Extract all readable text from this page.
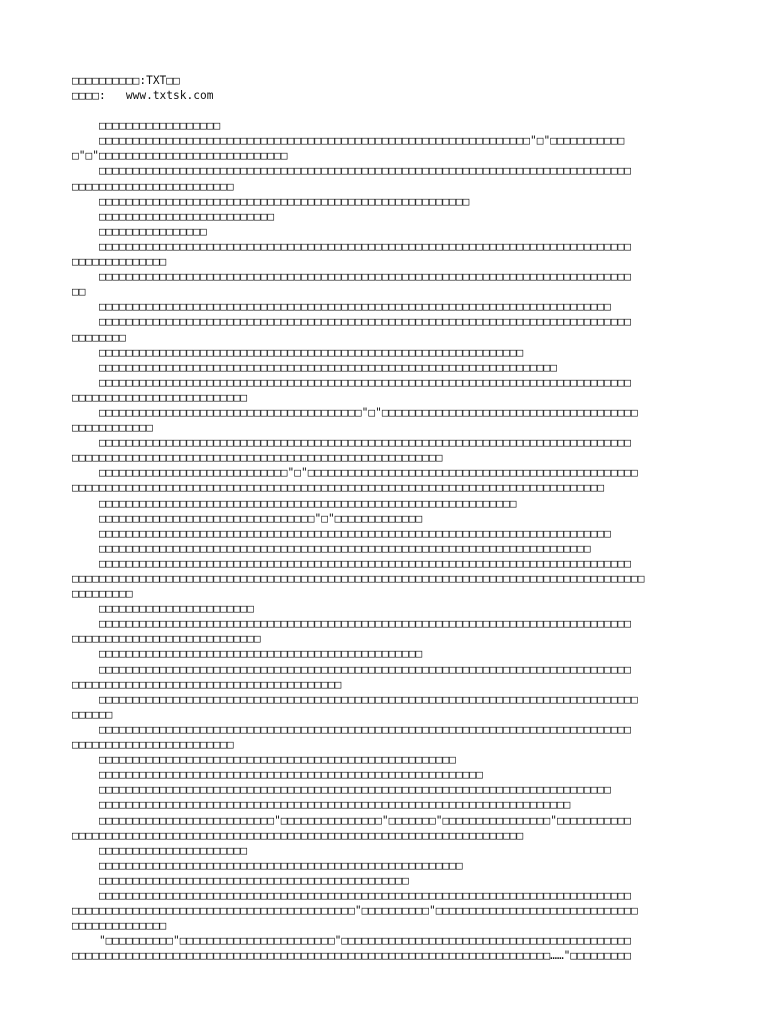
□□□□□□□□□□:TXT□□
□□□□:   www.txtsk.com
□□□□□□□□□□□□□□□□□□
□□□□□□□□□□□□□□□□□□□□□□□□□□□□□□□□□□□□□□□□□□□□□□□□□□□□□□□□□□□□□□□□"□"□□□□□□□□□□□
□"□"□□□□□□□□□□□□□□□□□□□□□□□□□□□□
□□□□□□□□□□□□□□□□□□□□□□□□□□□□□□□□□□□□□□□□□□□□□□□□□□□□□□□□□□□□□□□□□□□□□□□□□□□□□□□
□□□□□□□□□□□□□□□□□□□□□□□□
□□□□□□□□□□□□□□□□□□□□□□□□□□□□□□□□□□□□□□□□□□□□□□□□□□□□□□□
□□□□□□□□□□□□□□□□□□□□□□□□□□
□□□□□□□□□□□□□□□□
□□□□□□□□□□□□□□□□□□□□□□□□□□□□□□□□□□□□□□□□□□□□□□□□□□□□□□□□□□□□□□□□□□□□□□□□□□□□□□□
□□□□□□□□□□□□□□
□□□□□□□□□□□□□□□□□□□□□□□□□□□□□□□□□□□□□□□□□□□□□□□□□□□□□□□□□□□□□□□□□□□□□□□□□□□□□□□
□□
□□□□□□□□□□□□□□□□□□□□□□□□□□□□□□□□□□□□□□□□□□□□□□□□□□□□□□□□□□□□□□□□□□□□□□□□□□□□
□□□□□□□□□□□□□□□□□□□□□□□□□□□□□□□□□□□□□□□□□□□□□□□□□□□□□□□□□□□□□□□□□□□□□□□□□□□□□□□
□□□□□□□□
□□□□□□□□□□□□□□□□□□□□□□□□□□□□□□□□□□□□□□□□□□□□□□□□□□□□□□□□□□□□□□□
□□□□□□□□□□□□□□□□□□□□□□□□□□□□□□□□□□□□□□□□□□□□□□□□□□□□□□□□□□□□□□□□□□□□
□□□□□□□□□□□□□□□□□□□□□□□□□□□□□□□□□□□□□□□□□□□□□□□□□□□□□□□□□□□□□□□□□□□□□□□□□□□□□□□
□□□□□□□□□□□□□□□□□□□□□□□□□□
□□□□□□□□□□□□□□□□□□□□□□□□□□□□□□□□□□□□□□□"□"□□□□□□□□□□□□□□□□□□□□□□□□□□□□□□□□□□□□□□
□□□□□□□□□□□□
□□□□□□□□□□□□□□□□□□□□□□□□□□□□□□□□□□□□□□□□□□□□□□□□□□□□□□□□□□□□□□□□□□□□□□□□□□□□□□□
□□□□□□□□□□□□□□□□□□□□□□□□□□□□□□□□□□□□□□□□□□□□□□□□□□□□□□□
□□□□□□□□□□□□□□□□□□□□□□□□□□□□"□"□□□□□□□□□□□□□□□□□□□□□□□□□□□□□□□□□□□□□□□□□□□□□□□□□
□□□□□□□□□□□□□□□□□□□□□□□□□□□□□□□□□□□□□□□□□□□□□□□□□□□□□□□□□□□□□□□□□□□□□□□□□□□□□□□
□□□□□□□□□□□□□□□□□□□□□□□□□□□□□□□□□□□□□□□□□□□□□□□□□□□□□□□□□□□□□□
□□□□□□□□□□□□□□□□□□□□□□□□□□□□□□□□"□"□□□□□□□□□□□□□
□□□□□□□□□□□□□□□□□□□□□□□□□□□□□□□□□□□□□□□□□□□□□□□□□□□□□□□□□□□□□□□□□□□□□□□□□□□□
□□□□□□□□□□□□□□□□□□□□□□□□□□□□□□□□□□□□□□□□□□□□□□□□□□□□□□□□□□□□□□□□□□□□□□□□□
□□□□□□□□□□□□□□□□□□□□□□□□□□□□□□□□□□□□□□□□□□□□□□□□□□□□□□□□□□□□□□□□□□□□□□□□□□□□□□□
□□□□□□□□□□□□□□□□□□□□□□□□□□□□□□□□□□□□□□□□□□□□□□□□□□□□□□□□□□□□□□□□□□□□□□□□□□□□□□□□□□□□□
□□□□□□□□□
□□□□□□□□□□□□□□□□□□□□□□□
□□□□□□□□□□□□□□□□□□□□□□□□□□□□□□□□□□□□□□□□□□□□□□□□□□□□□□□□□□□□□□□□□□□□□□□□□□□□□□□
□□□□□□□□□□□□□□□□□□□□□□□□□□□□
□□□□□□□□□□□□□□□□□□□□□□□□□□□□□□□□□□□□□□□□□□□□□□□□
□□□□□□□□□□□□□□□□□□□□□□□□□□□□□□□□□□□□□□□□□□□□□□□□□□□□□□□□□□□□□□□□□□□□□□□□□□□□□□□
□□□□□□□□□□□□□□□□□□□□□□□□□□□□□□□□□□□□□□□□
□□□□□□□□□□□□□□□□□□□□□□□□□□□□□□□□□□□□□□□□□□□□□□□□□□□□□□□□□□□□□□□□□□□□□□□□□□□□□□□□
□□□□□□
□□□□□□□□□□□□□□□□□□□□□□□□□□□□□□□□□□□□□□□□□□□□□□□□□□□□□□□□□□□□□□□□□□□□□□□□□□□□□□□
□□□□□□□□□□□□□□□□□□□□□□□□
□□□□□□□□□□□□□□□□□□□□□□□□□□□□□□□□□□□□□□□□□□□□□□□□□□□□□
□□□□□□□□□□□□□□□□□□□□□□□□□□□□□□□□□□□□□□□□□□□□□□□□□□□□□□□□□
□□□□□□□□□□□□□□□□□□□□□□□□□□□□□□□□□□□□□□□□□□□□□□□□□□□□□□□□□□□□□□□□□□□□□□□□□□□□
□□□□□□□□□□□□□□□□□□□□□□□□□□□□□□□□□□□□□□□□□□□□□□□□□□□□□□□□□□□□□□□□□□□□□□
□□□□□□□□□□□□□□□□□□□□□□□□□□"□□□□□□□□□□□□□□□"□□□□□□□"□□□□□□□□□□□□□□□□"□□□□□□□□□□□
□□□□□□□□□□□□□□□□□□□□□□□□□□□□□□□□□□□□□□□□□□□□□□□□□□□□□□□□□□□□□□□□□□□
□□□□□□□□□□□□□□□□□□□□□□
□□□□□□□□□□□□□□□□□□□□□□□□□□□□□□□□□□□□□□□□□□□□□□□□□□□□□□
□□□□□□□□□□□□□□□□□□□□□□□□□□□□□□□□□□□□□□□□□□□□□□
□□□□□□□□□□□□□□□□□□□□□□□□□□□□□□□□□□□□□□□□□□□□□□□□□□□□□□□□□□□□□□□□□□□□□□□□□□□□□□□
□□□□□□□□□□□□□□□□□□□□□□□□□□□□□□□□□□□□□□□□□□"□□□□□□□□□□"□□□□□□□□□□□□□□□□□□□□□□□□□□□□□□
□□□□□□□□□□□□□□
"□□□□□□□□□□"□□□□□□□□□□□□□□□□□□□□□□□"□□□□□□□□□□□□□□□□□□□□□□□□□□□□□□□□□□□□□□□□□□□
□□□□□□□□□□□□□□□□□□□□□□□□□□□□□□□□□□□□□□□□□□□□□□□□□□□□□□□□□□□□□□□□□□□□□□□……"□□□□□□□□□
